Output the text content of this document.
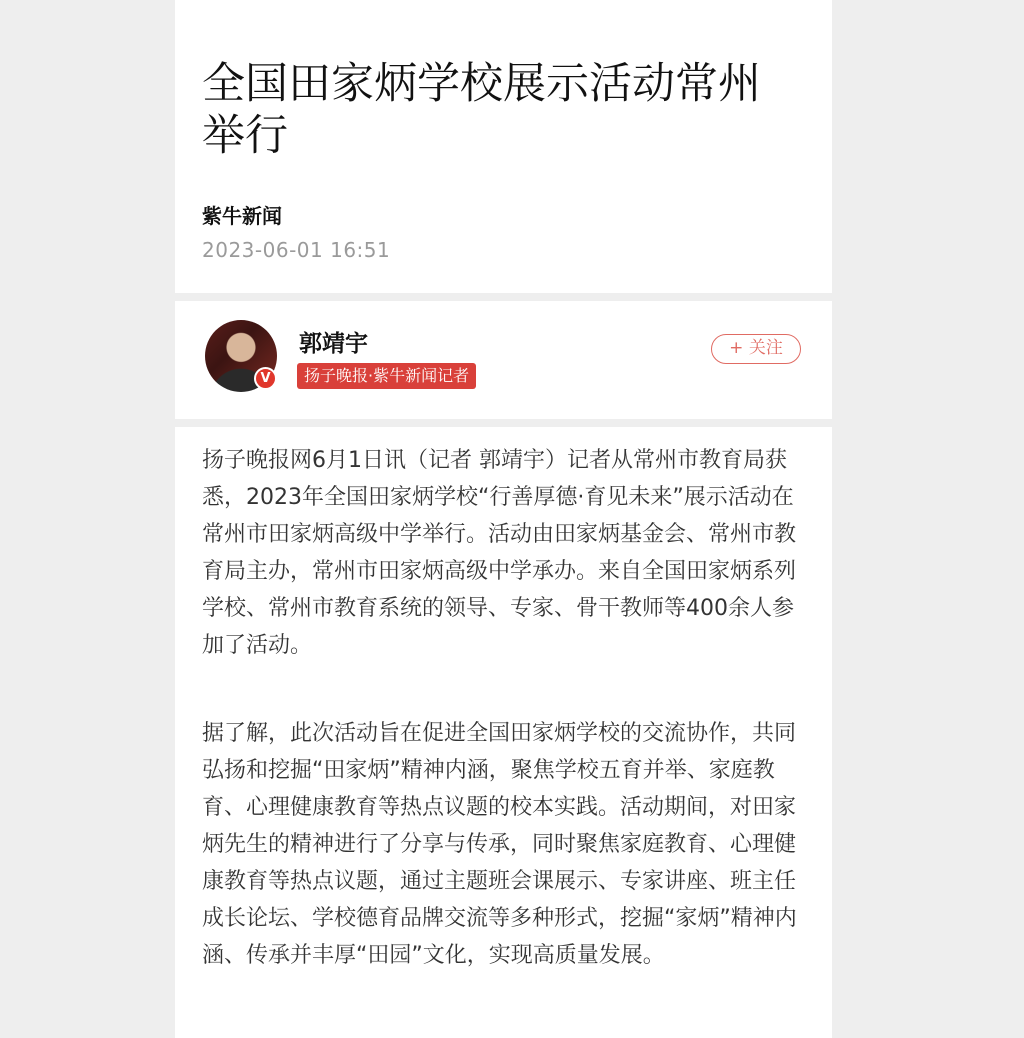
全国田家炳学校展示活动常州举行
紫牛新闻
2023-06-01 16:51
V
郭靖宇
扬子晚报·紫牛新闻记者
+ 关注

扬子晚报网6月1日讯（记者 郭靖宇）记者从常州市教育局获悉，2023年全国田家炳学校“行善厚德·育见未来”展示活动在常州市田家炳高级中学举行。活动由田家炳基金会、常州市教育局主办，常州市田家炳高级中学承办。来自全国田家炳系列学校、常州市教育系统的领导、专家、骨干教师等400余人参加了活动。

据了解，此次活动旨在促进全国田家炳学校的交流协作，共同弘扬和挖掘“田家炳”精神内涵，聚焦学校五育并举、家庭教育、心理健康教育等热点议题的校本实践。活动期间，对田家炳先生的精神进行了分享与传承，同时聚焦家庭教育、心理健康教育等热点议题，通过主题班会课展示、专家讲座、班主任成长论坛、学校德育品牌交流等多种形式，挖掘“家炳”精神内涵、传承并丰厚“田园”文化，实现高质量发展。
